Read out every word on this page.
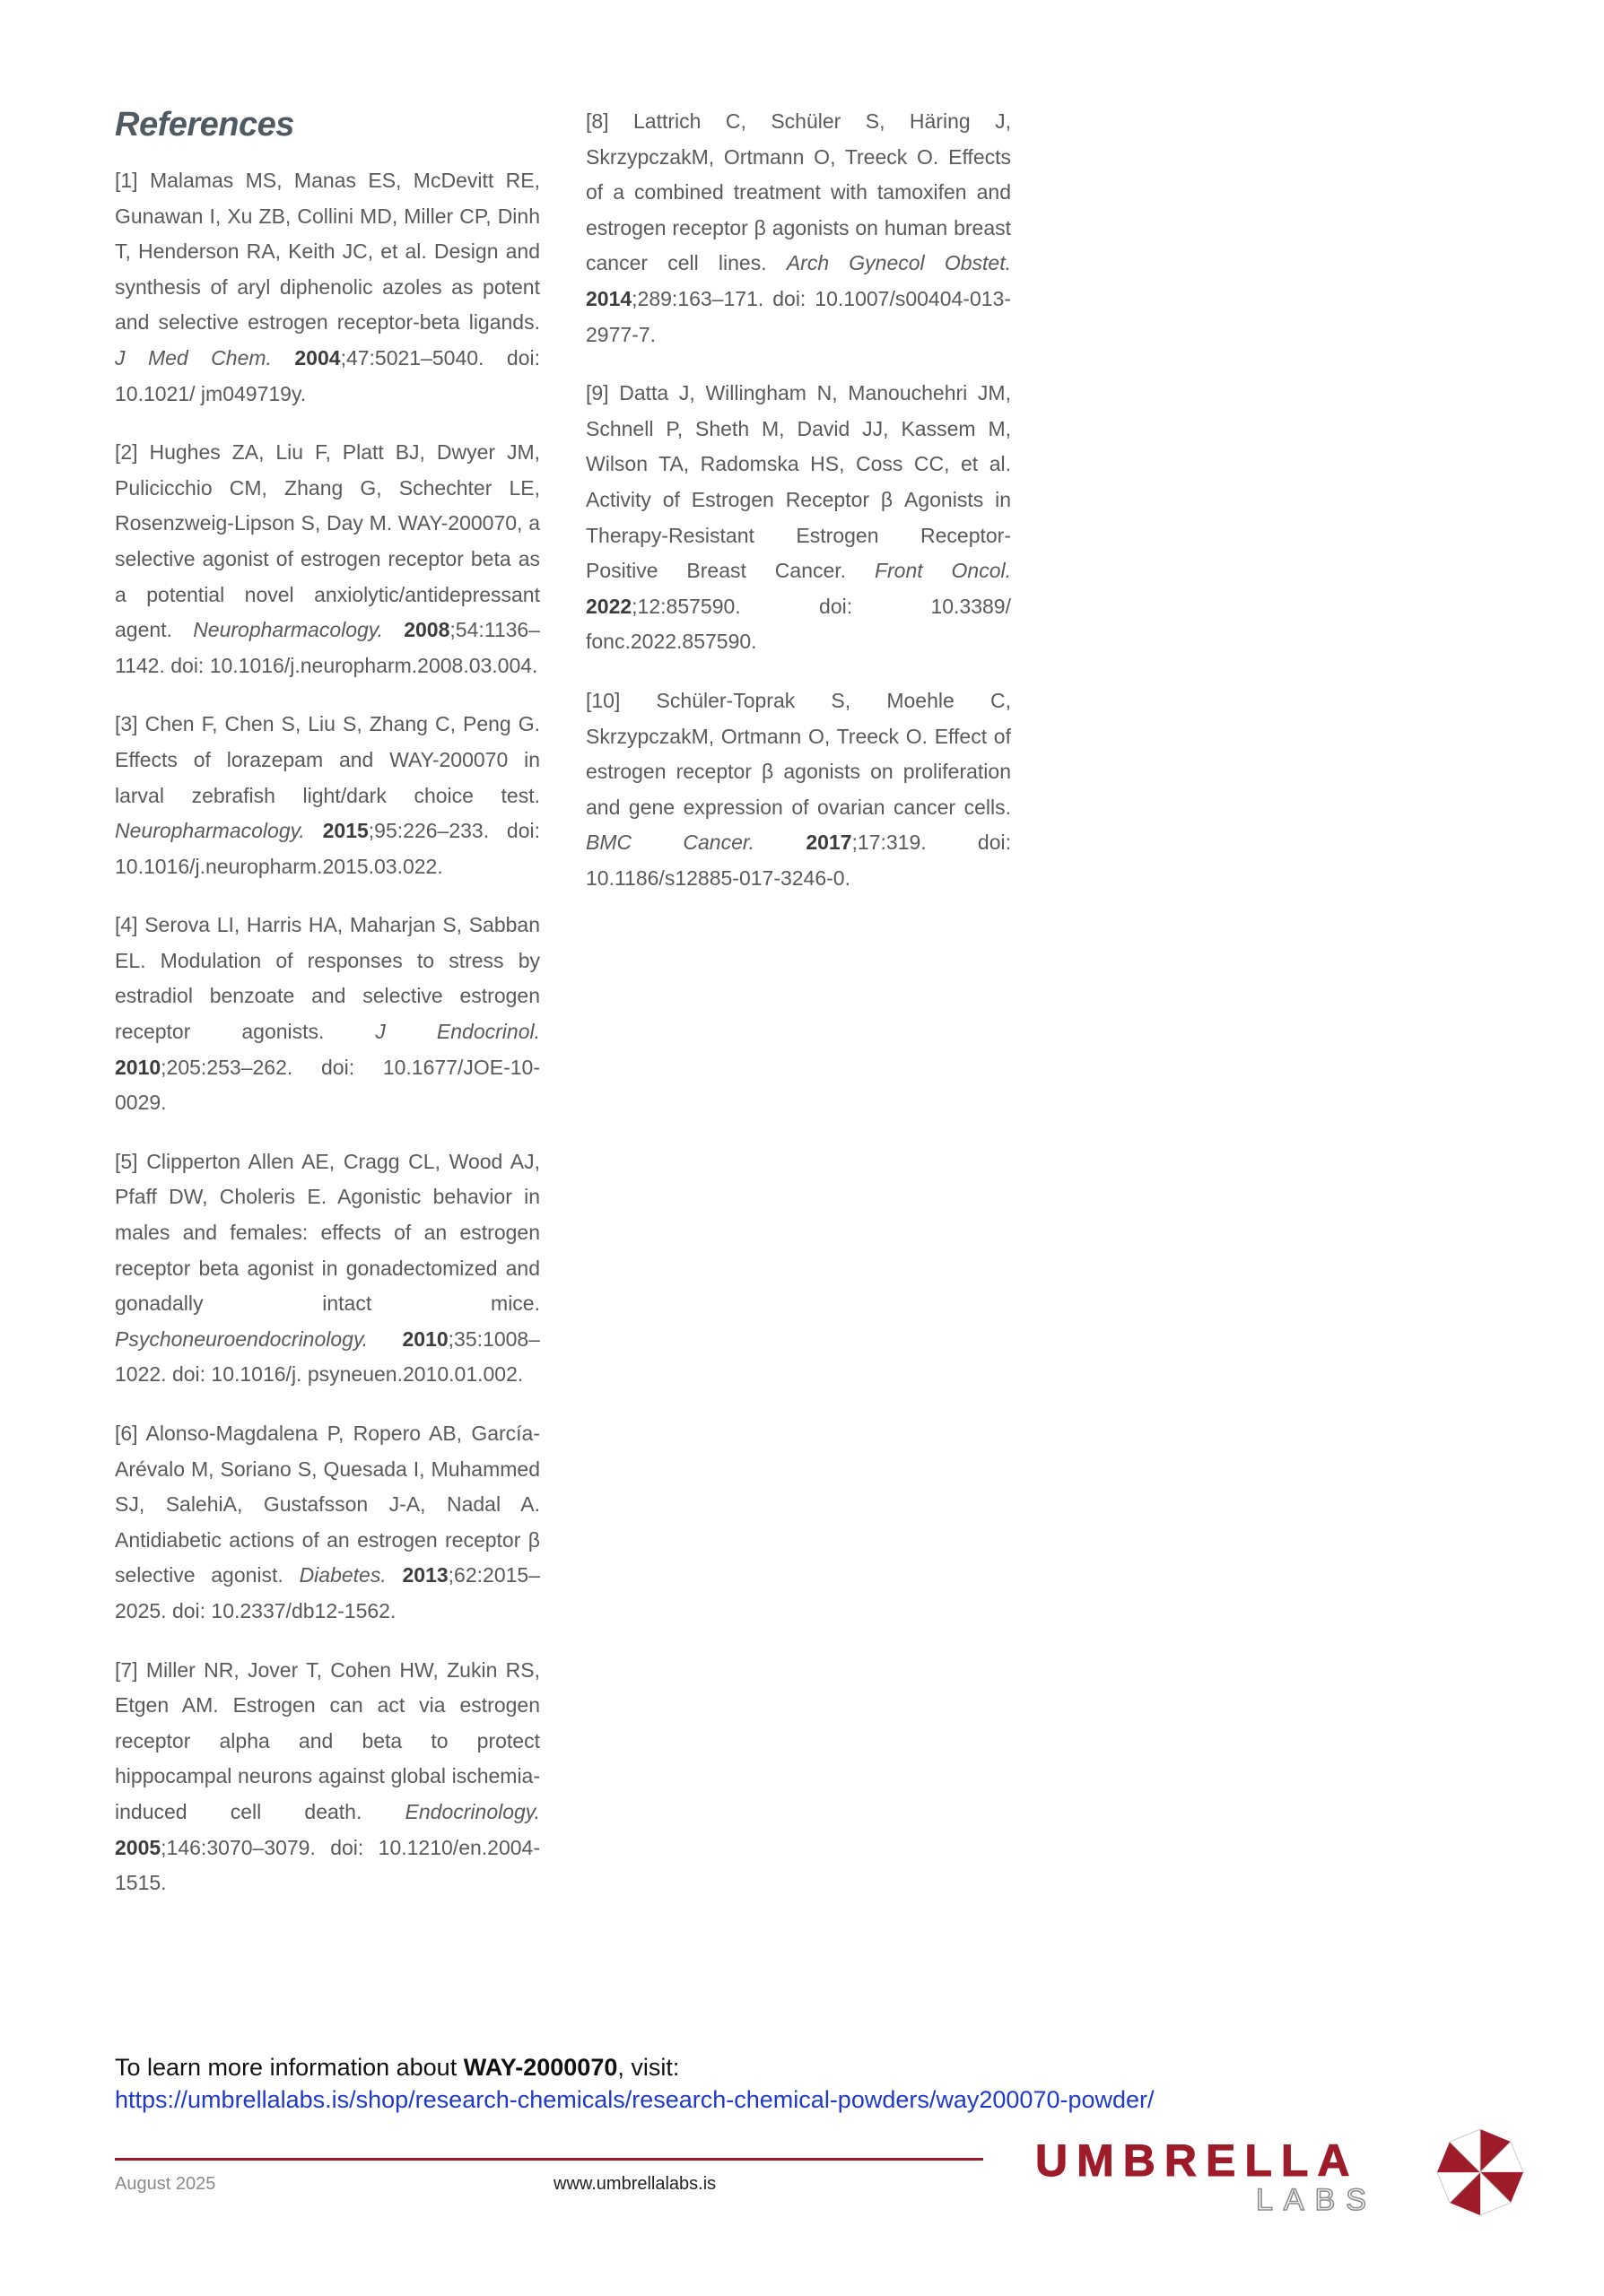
References

[1] Malamas MS, Manas ES, McDevitt RE, Gunawan I, Xu ZB, Collini MD, Miller CP, Dinh T, Henderson RA, Keith JC, et al. Design and synthesis of aryl diphenolic azoles as potent and selective estrogen receptor-beta ligands. J Med Chem. 2004;47:5021–5040. doi: 10.1021/ jm049719y.

[2] Hughes ZA, Liu F, Platt BJ, Dwyer JM, Pulicicchio CM, Zhang G, Schechter LE, Rosenzweig-Lipson S, Day M. WAY-200070, a selective agonist of estrogen receptor beta as a potential novel anxiolytic/antidepressant agent. Neuropharmacology. 2008;54:1136–1142. doi: 10.1016/j.neuropharm.2008.03.004.

[3] Chen F, Chen S, Liu S, Zhang C, Peng G. Effects of lorazepam and WAY-200070 in larval zebrafish light/dark choice test. Neuropharmacology. 2015;95:226–233. doi: 10.1016/j.neuropharm.2015.03.022.

[4] Serova LI, Harris HA, Maharjan S, Sabban EL. Modulation of responses to stress by estradiol benzoate and selective estrogen receptor agonists. J Endocrinol. 2010;205:253–262. doi: 10.1677/JOE-10-0029.

[5] Clipperton Allen AE, Cragg CL, Wood AJ, Pfaff DW, Choleris E. Agonistic behavior in males and females: effects of an estrogen receptor beta agonist in gonadectomized and gonadally intact mice. Psychoneuroendocrinology. 2010;35:1008–1022. doi: 10.1016/j. psyneuen.2010.01.002.

[6] Alonso-Magdalena P, Ropero AB, García-Arévalo M, Soriano S, Quesada I, Muhammed SJ, SalehiA, Gustafsson J-A, Nadal A. Antidiabetic actions of an estrogen receptor β selective agonist. Diabetes. 2013;62:2015–2025. doi: 10.2337/db12-1562.

[7] Miller NR, Jover T, Cohen HW, Zukin RS, Etgen AM. Estrogen can act via estrogen receptor alpha and beta to protect hippocampal neurons against global ischemia-induced cell death. Endocrinology. 2005;146:3070–3079. doi: 10.1210/en.2004-1515.

[8] Lattrich C, Schüler S, Häring J, SkrzypczakM, Ortmann O, Treeck O. Effects of a combined treatment with tamoxifen and estrogen receptor β agonists on human breast cancer cell lines. Arch Gynecol Obstet. 2014;289:163–171. doi: 10.1007/s00404-013- 2977-7.

[9] Datta J, Willingham N, Manouchehri JM, Schnell P, Sheth M, David JJ, Kassem M, Wilson TA, Radomska HS, Coss CC, et al. Activity of Estrogen Receptor β Agonists in Therapy-Resistant Estrogen Receptor-Positive Breast Cancer. Front Oncol. 2022;12:857590. doi: 10.3389/ fonc.2022.857590.

[10] Schüler-Toprak S, Moehle C, SkrzypczakM, Ortmann O, Treeck O. Effect of estrogen receptor β agonists on proliferation and gene expression of ovarian cancer cells. BMC Cancer. 2017;17:319. doi: 10.1186/s12885-017-3246-0.

To learn more information about WAY-2000070, visit:
https://umbrellalabs.is/shop/research-chemicals/research-chemical-powders/way200070-powder/
August 2025	www.umbrellalabs.is	UMBRELLA
LABS
